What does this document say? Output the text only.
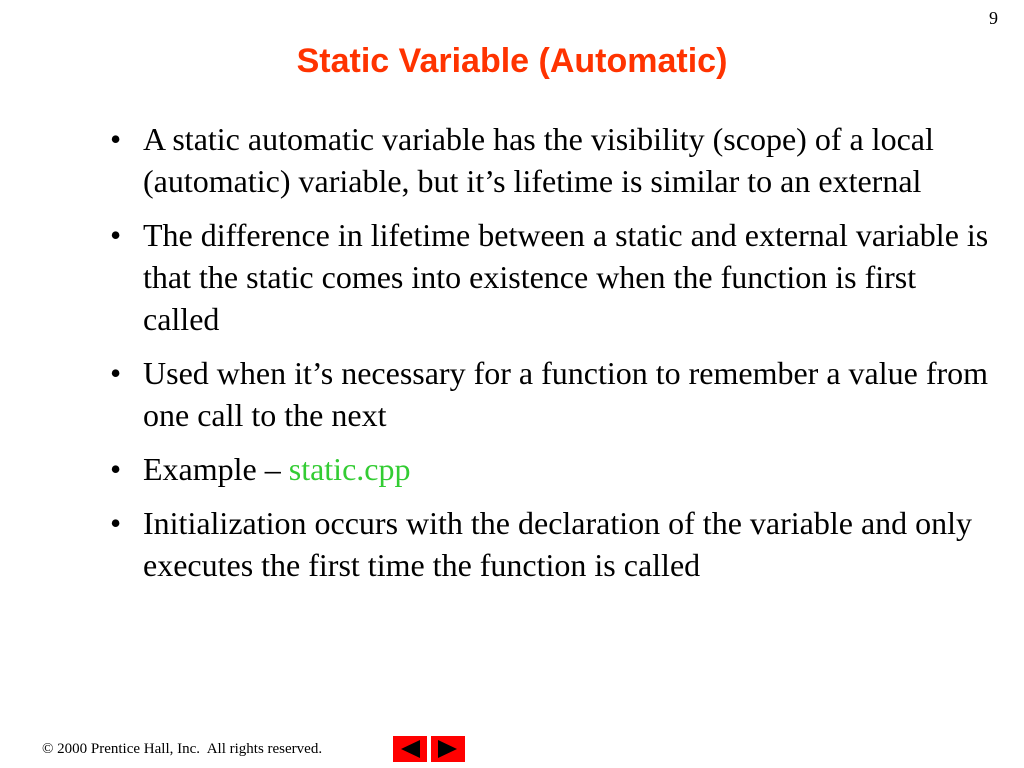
9
Static Variable (Automatic)
• A static automatic variable has the visibility (scope) of a local (automatic) variable, but it’s lifetime is similar to an external
• The difference in lifetime between a static and external variable is that the static comes into existence when the function is first called
• Used when it’s necessary for a function to remember a value from one call to the next
• Example – static.cpp
• Initialization occurs with the declaration of the variable and only executes the first time the function is called
© 2000 Prentice Hall, Inc.  All rights reserved.
